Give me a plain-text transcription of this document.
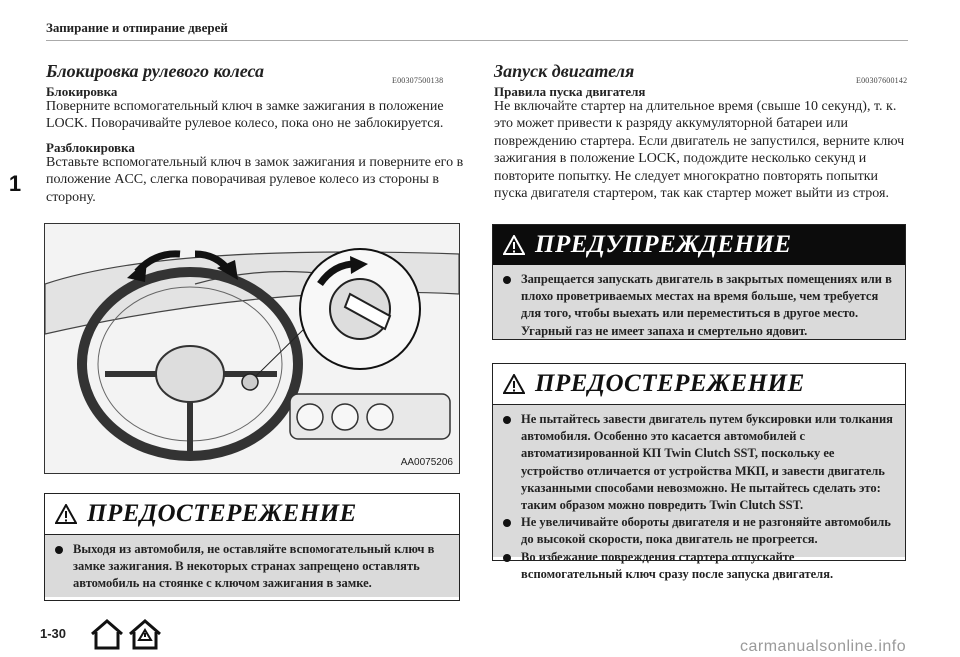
Запирание и отпирание дверей
1
Блокировка рулевого колеса	E00307500138
Блокировка
Поверните вспомогательный ключ в замке зажигания в положение LOCK. Поворачивайте рулевое колесо, пока оно не заблокируется.
Разблокировка
Вставьте вспомогательный ключ в замок зажигания и поверните его в положение ACC, слегка поворачивая рулевое колесо из стороны в сторону.
AA0075206
ПРЕДОСТЕРЕЖЕНИЕ
Выходя из автомобиля, не оставляйте вспомогательный ключ в замке зажигания. В некоторых странах запрещено оставлять автомобиль на стоянке с ключом зажигания в замке.
Запуск двигателя	E00307600142
Правила пуска двигателя
Не включайте стартер на длительное время (свыше 10 секунд), т. к. это может привести к разряду аккумуляторной батареи или повреждению стартера. Если двигатель не запустился, верните ключ зажигания в положение LOCK, подождите несколько секунд и повторите попытку. Не следует многократно повторять попытки пуска двигателя стартером, так как стартер может выйти из строя.
ПРЕДУПРЕЖДЕНИЕ
Запрещается запускать двигатель в закрытых помещениях или в плохо проветриваемых местах на время больше, чем требуется для того, чтобы выехать или переместиться в другое место. Угарный газ не имеет запаха и смертельно ядовит.
ПРЕДОСТЕРЕЖЕНИЕ
Не пытайтесь завести двигатель путем буксировки или толкания автомобиля. Особенно это касается автомобилей с автоматизированной КП Twin Clutch SST, поскольку ее устройство отличается от устройства МКП, и завести двигатель указанными способами невозможно. Не пытайтесь сделать это: таким образом можно повредить Twin Clutch SST.
Не увеличивайте обороты двигателя и не разгоняйте автомобиль до высокой скорости, пока двигатель не прогреется.
Во избежание повреждения стартера отпускайте вспомогательный ключ сразу после запуска двигателя.
1-30
carmanualsonline.info
